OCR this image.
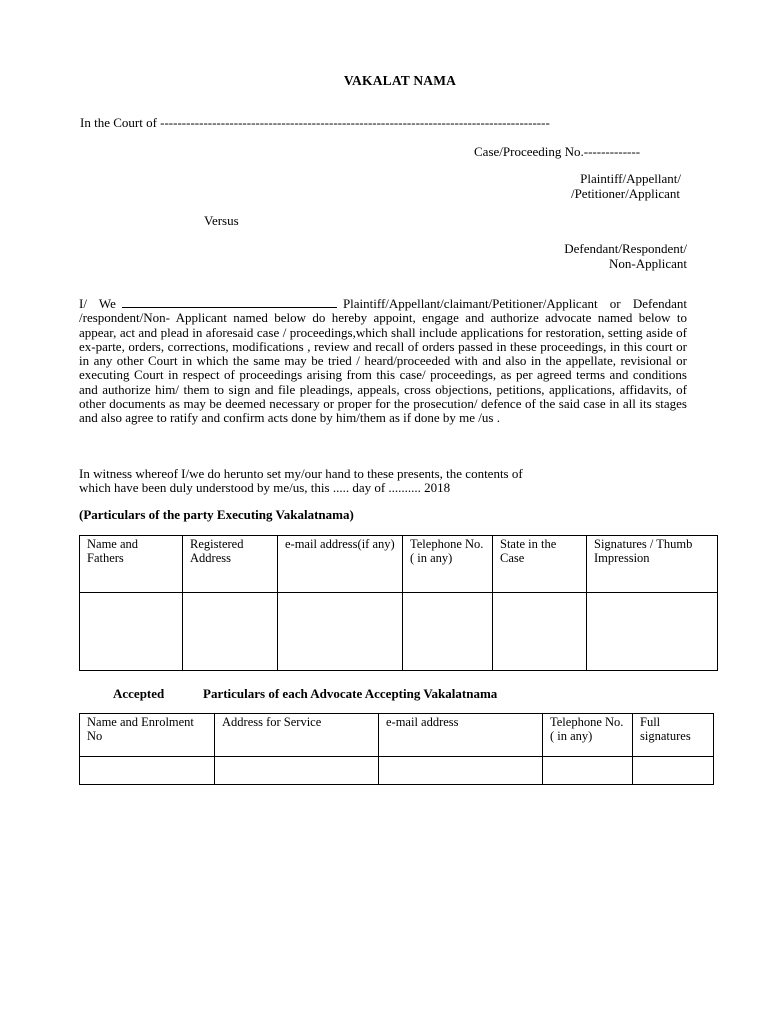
VAKALAT NAMA
In the Court of ------------------------------------------------------------------------------------------
Case/Proceeding No.-------------
Plaintiff/Appellant/
/Petitioner/Applicant
Versus
Defendant/Respondent/
Non-Applicant
I/ We	Plaintiff/Appellant/claimant/Petitioner/Applicant or Defendant /respondent/Non- Applicant named below do hereby appoint, engage and authorize advocate named below to appear, act and plead in aforesaid case / proceedings,which shall include applications for restoration, setting aside of ex-parte, orders, corrections, modifications , review and recall of orders passed in these proceedings, in this court or in any other Court in which the same may be tried / heard/proceeded with and also in the appellate, revisional or executing Court in respect of proceedings arising from this case/ proceedings, as per agreed terms and conditions and authorize him/ them to sign and file pleadings, appeals, cross objections, petitions, applications, affidavits, of other documents as may be deemed necessary or proper for the prosecution/ defence of the said case in all its stages and also agree to ratify and confirm acts done by him/them as if done by me /us .
In witness whereof I/we do herunto set my/our hand to these presents, the contents of
which have been duly understood by me/us, this ..... day of .......... 2018
(Particulars of the party Executing Vakalatnama)
Name and Fathers	Registered Address	e-mail address(if any)	Telephone No. ( in any)	State in the Case	Signatures / Thumb Impression

Accepted	Particulars of each Advocate Accepting Vakalatnama
Name and Enrolment No	Address for Service	e-mail address	Telephone No. ( in any)	Full signatures
